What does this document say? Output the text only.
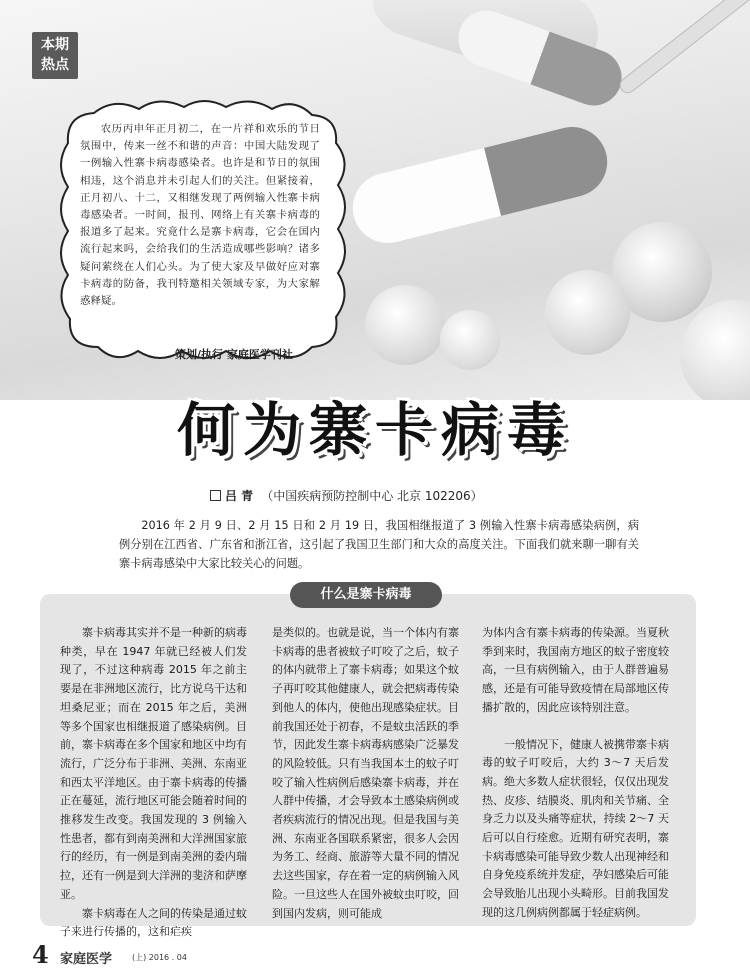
本期
热点
农历丙申年正月初二，在一片祥和欢乐的节日氛围中，传来一丝不和谐的声音：中国大陆发现了一例输入性寨卡病毒感染者。也许是和节日的氛围相违，这个消息并未引起人们的关注。但紧接着，正月初八、十二，又相继发现了两例输入性寨卡病毒感染者。一时间，报刊、网络上有关寨卡病毒的报道多了起来。究竟什么是寨卡病毒，它会在国内流行起来吗，会给我们的生活造成哪些影响？诸多疑问萦绕在人们心头。为了使大家及早做好应对寨卡病毒的防备，我刊特邀相关领域专家，为大家解惑释疑。
策划/执行 家庭医学刊社
何为寨卡病毒
吕 青 （中国疾病预防控制中心 北京 102206）
2016 年 2 月 9 日、2 月 15 日和 2 月 19 日，我国相继报道了 3 例输入性寨卡病毒感染病例，病例分别在江西省、广东省和浙江省，这引起了我国卫生部门和大众的高度关注。下面我们就来聊一聊有关寨卡病毒感染中大家比较关心的问题。
什么是寨卡病毒

寨卡病毒其实并不是一种新的病毒种类，早在 1947 年就已经被人们发现了，不过这种病毒 2015 年之前主要是在非洲地区流行，比方说乌干达和坦桑尼亚；而在 2015 年之后，美洲等多个国家也相继报道了感染病例。目前，寨卡病毒在多个国家和地区中均有流行，广泛分布于非洲、美洲、东南亚和西太平洋地区。由于寨卡病毒的传播正在蔓延，流行地区可能会随着时间的推移发生改变。我国发现的 3 例输入性患者，都有到南美洲和大洋洲国家旅行的经历，有一例是到南美洲的委内瑞拉，还有一例是到大洋洲的斐济和萨摩亚。

寨卡病毒在人之间的传染是通过蚊子来进行传播的，这和疟疾

是类似的。也就是说，当一个体内有寨卡病毒的患者被蚊子叮咬了之后，蚊子的体内就带上了寨卡病毒；如果这个蚊子再叮咬其他健康人，就会把病毒传染到他人的体内，使他出现感染症状。目前我国还处于初春，不是蚊虫活跃的季节，因此发生寨卡病毒病感染广泛暴发的风险较低。只有当我国本土的蚊子叮咬了输入性病例后感染寨卡病毒，并在人群中传播，才会导致本土感染病例或者疾病流行的情况出现。但是我国与美洲、东南亚各国联系紧密，很多人会因为务工、经商、旅游等大量不同的情况去这些国家，存在着一定的病例输入风险。一旦这些人在国外被蚊虫叮咬，回到国内发病，则可能成

为体内含有寨卡病毒的传染源。当夏秋季到来时，我国南方地区的蚊子密度较高，一旦有病例输入，由于人群普遍易感，还是有可能导致疫情在局部地区传播扩散的，因此应该特别注意。

一般情况下，健康人被携带寨卡病毒的蚊子叮咬后，大约 3～7 天后发病。绝大多数人症状很轻，仅仅出现发热、皮疹、结膜炎、肌肉和关节痛、全身乏力以及头痛等症状，持续 2～7 天后可以自行痊愈。近期有研究表明，寨卡病毒感染可能导致少数人出现神经和自身免疫系统并发症，孕妇感染后可能会导致胎儿出现小头畸形。目前我国发现的这几例病例都属于轻症病例。

4 家庭医学 (上) 2016 . 04
